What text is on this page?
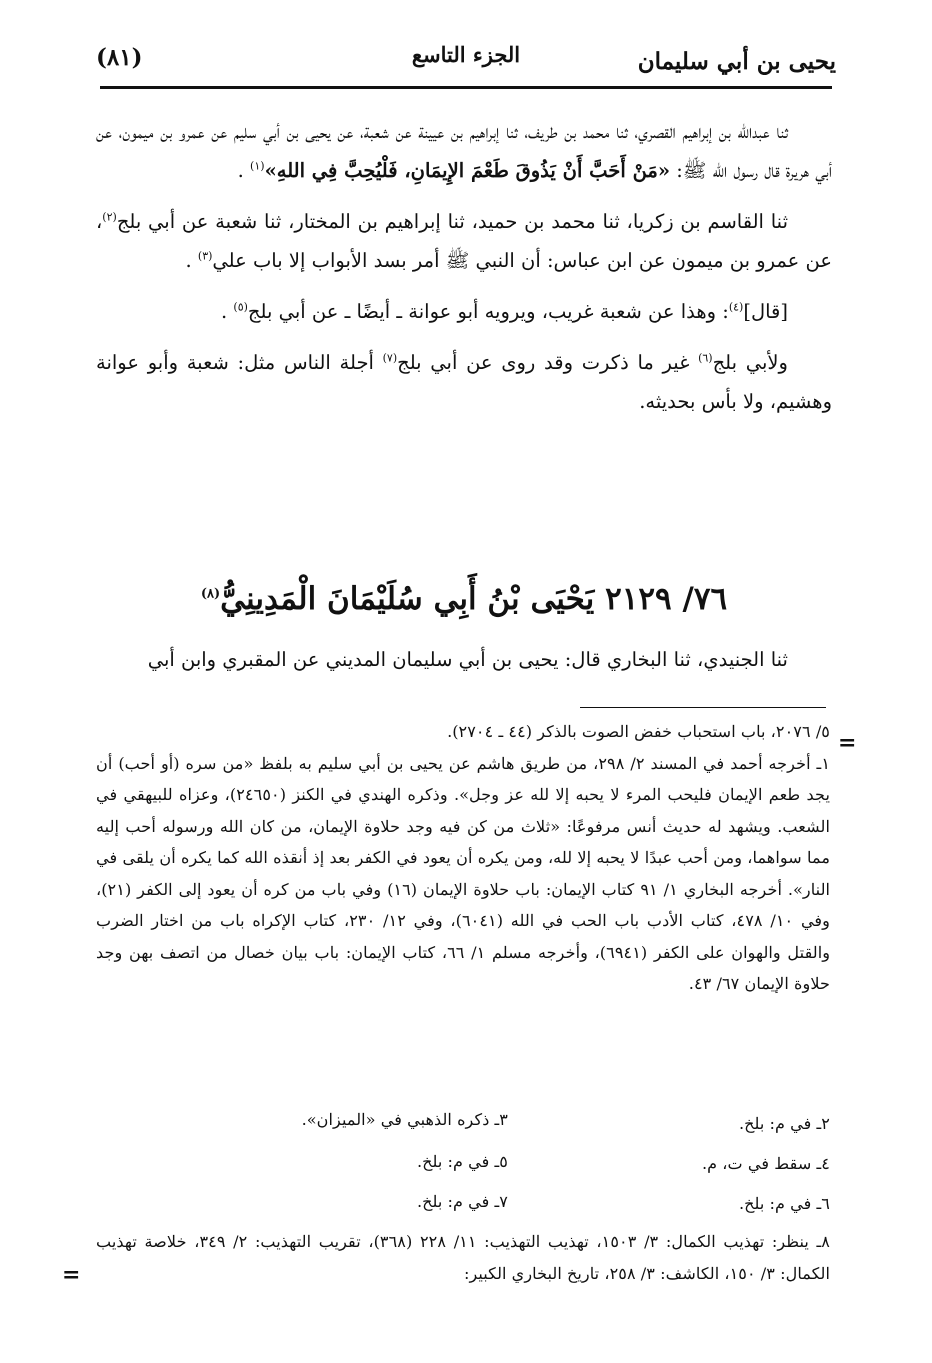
يحيى بن أبي سليمان
الجزء التاسع
(٨١)

ثنا عبدالله بن إبراهيم القصري، ثنا محمد بن طريف، ثنا إبراهيم بن عيينة عن شعبة، عن يحيى بن أبي سليم عن عمرو بن ميمون، عن أبي هريرة قال رسول الله ﷺ: «مَنْ أَحَبَّ أَنْ يَذُوقَ طَعْمَ الإِيمَانِ، فَلْيُحِبَّ فِي اللهِ»$^{(١)}$ .

ثنا القاسم بن زكريا، ثنا محمد بن حميد، ثنا إبراهيم بن المختار، ثنا شعبة عن أبي بلج$^{(٢)}$، عن عمرو بن ميمون عن ابن عباس: أن النبي ﷺ أمر بسد الأبواب إلا باب علي$^{(٣)}$ .

[قال]$^{(٤)}$: وهذا عن شعبة غريب، ويرويه أبو عوانة ـ أيضًا ـ عن أبي بلج$^{(٥)}$ .

ولأبي بلج$^{(٦)}$ غير ما ذكرت وقد روى عن أبي بلج$^{(٧)}$ أجلة الناس مثل: شعبة وأبو عوانة وهشيم، ولا بأس بحديثه.

٧٦/ ٢١٢٩ يَحْيَى بْنُ أَبِي سُلَيْمَانَ الْمَدِينِيُّ$^{(٨)}$
ثنا الجنيدي، ثنا البخاري قال: يحيى بن أبي سليمان المديني عن المقبري وابن أبي
=

٥/ ٢٠٧٦، باب استحباب خفض الصوت بالذكر (٤٤ ـ ٢٧٠٤).

١ـ أخرجه أحمد في المسند ٢/ ٢٩٨، من طريق هاشم عن يحيى بن أبي سليم به بلفظ «من سره (أو أحب) أن يجد طعم الإيمان فليحب المرء لا يحبه إلا لله عز وجل». وذكره الهندي في الكنز (٢٤٦٥٠)، وعزاه للبيهقي في الشعب. ويشهد له حديث أنس مرفوعًا: «ثلاث من كن فيه وجد حلاوة الإيمان، من كان الله ورسوله أحب إليه مما سواهما، ومن أحب عبدًا لا يحبه إلا لله، ومن يكره أن يعود في الكفر بعد إذ أنقذه الله كما يكره أن يلقى في النار». أخرجه البخاري ١/ ٩١ كتاب الإيمان: باب حلاوة الإيمان (١٦) وفي باب من كره أن يعود إلى الكفر (٢١)، وفي ١٠/ ٤٧٨، كتاب الأدب باب الحب في الله (٦٠٤١)، وفي ١٢/ ٢٣٠، كتاب الإكراه باب من اختار الضرب والقتل والهوان على الكفر (٦٩٤١)، وأخرجه مسلم ١/ ٦٦، كتاب الإيمان: باب بيان خصال من اتصف بهن وجد حلاوة الإيمان ٦٧/ ٤٣.

٢ـ في م: بلخ.
٣ـ ذكره الذهبي في «الميزان».
٤ـ سقط في ت، م.
٥ـ في م: بلخ.
٦ـ في م: بلخ.
٧ـ في م: بلخ.
٨ـ ينظر: تهذيب الكمال: ٣/ ١٥٠٣، تهذيب التهذيب: ١١/ ٢٢٨ (٣٦٨)، تقريب التهذيب: ٢/ ٣٤٩، خلاصة تهذيب الكمال: ٣/ ١٥٠، الكاشف: ٣/ ٢٥٨، تاريخ البخاري الكبير:
=
